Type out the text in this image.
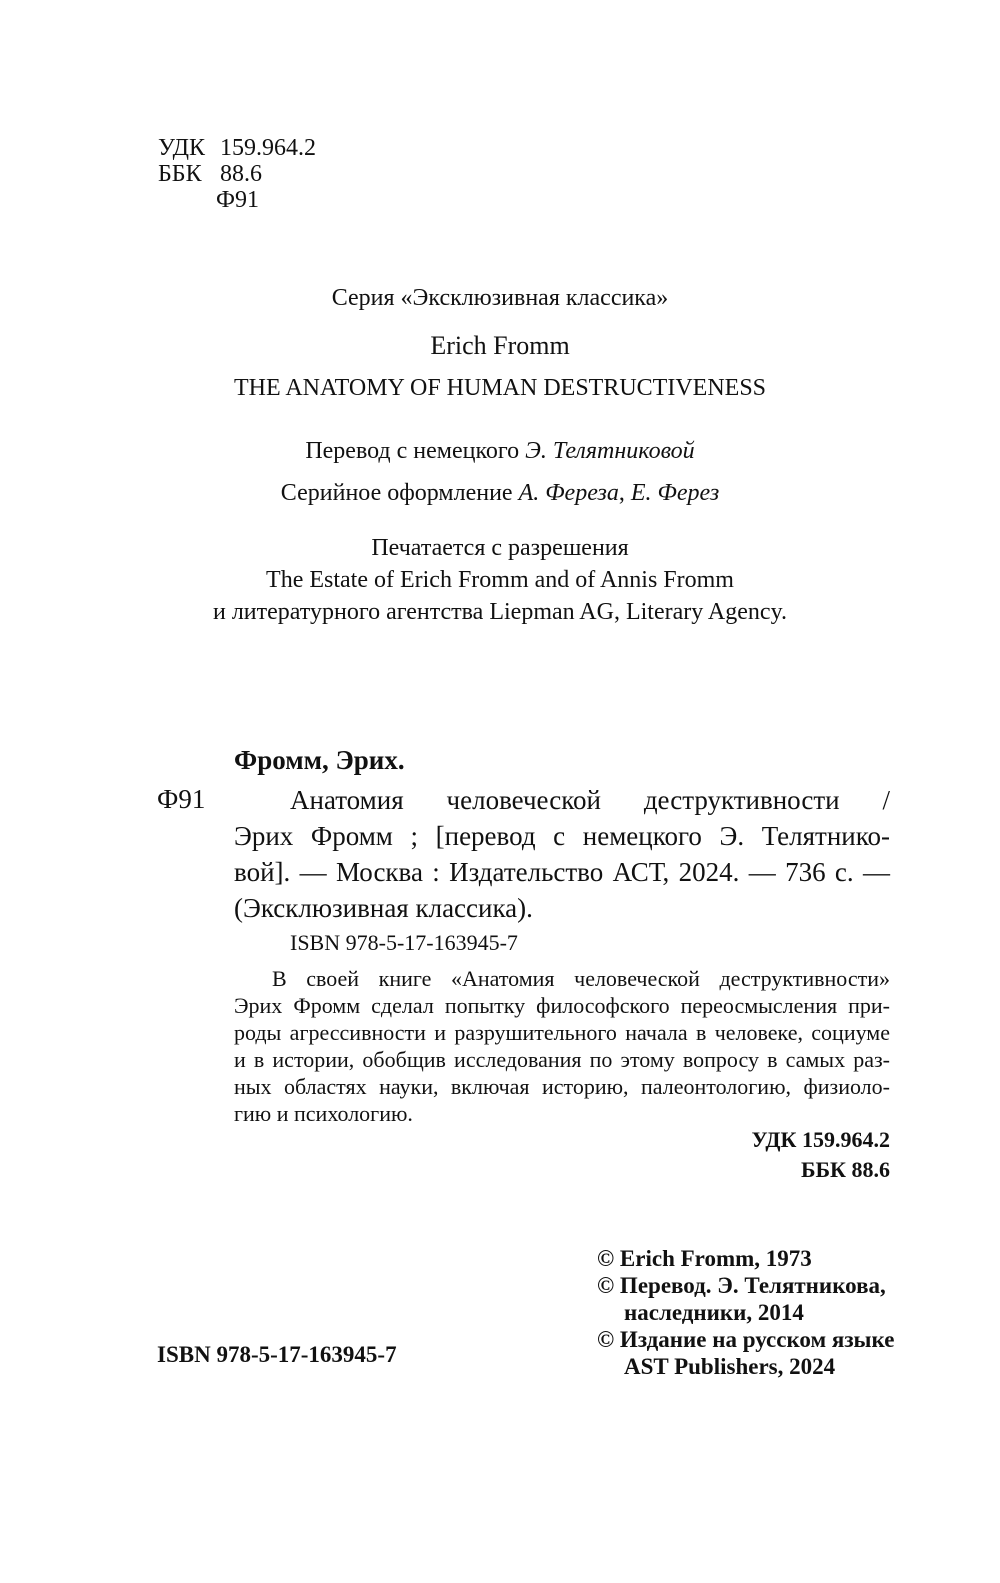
УДК 159.964.2
ББК 88.6
Ф91
Серия «Эксклюзивная классика»
Erich Fromm
THE ANATOMY OF HUMAN DESTRUCTIVENESS
Перевод с немецкого Э. Телятниковой
Серийное оформление А. Фереза, Е. Ферез
Печатается с разрешения
The Estate of Erich Fromm and of Annis Fromm
и литературного агентства Liepman AG, Literary Agency.
Фромм, Эрих.
Ф91	Анатомия человеческой деструктивности /
Эрих Фромм ; [перевод с немецкого Э. Телятнико-
вой]. — Москва : Издательство АСТ, 2024. — 736 с. —
(Эксклюзивная классика).
ISBN 978-5-17-163945-7
В своей книге «Анатомия человеческой деструктивности»
Эрих Фромм сделал попытку философского переосмысления при-
роды агрессивности и разрушительного начала в человеке, социуме
и в истории, обобщив исследования по этому вопросу в самых раз-
ных областях науки, включая историю, палеонтологию, физиоло-
гию и психологию.
УДК 159.964.2
ББК 88.6
© Erich Fromm, 1973
© Перевод. Э. Телятникова,
наследники, 2014
© Издание на русском языке
AST Publishers, 2024
ISBN 978-5-17-163945-7
